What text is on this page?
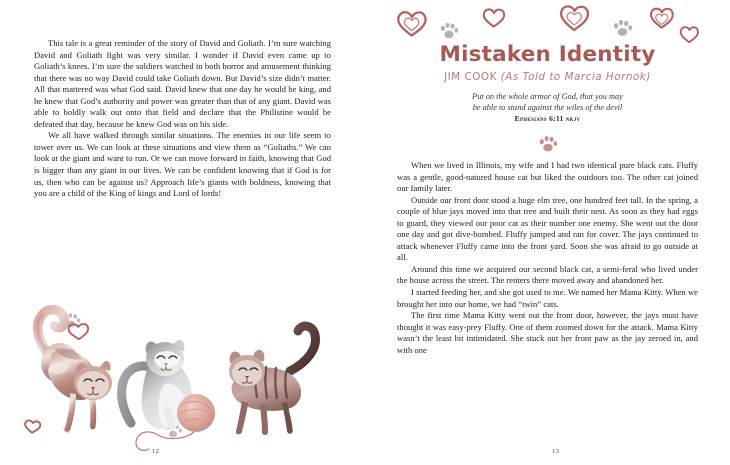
This tale is a great reminder of the story of David and Goliath. I’m sure watching David and Goliath fight was very similar. I wonder if David even came up to Goliath’s knees. I’m sure the soldiers watched in both horror and amusement thinking that there was no way David could take Goliath down. But David’s size didn’t matter. All that mattered was what God said. David knew that one day he would be king, and he knew that God’s authority and power was greater than that of any giant. David was able to boldly walk out onto that field and declare that the Philistine would be defeated that day, because he knew God was on his side.

We all have walked through similar situations. The enemies in our life seem to tower over us. We can look at these situations and view them as “Goliaths.” We can look at the giant and want to run. Or we can move forward in faith, knowing that God is bigger than any giant in our lives. We can be confident knowing that if God is for us, then who can be against us? Approach life’s giants with boldness, knowing that you are a child of the King of kings and Lord of lords!

12
Mistaken Identity
JIM COOK (As Told to Marcia Hornok)
Put on the whole armor of God, that you may
be able to stand against the wiles of the devil
Ephesians 6:11 nkjv

When we lived in Illinois, my wife and I had two identical pure black cats. Fluffy was a gentle, good-natured house cat but liked the outdoors too. The other cat joined our family later.

Outside our front door stood a huge elm tree, one hundred feet tall. In the spring, a couple of blue jays moved into that tree and built their nest. As soon as they had eggs to guard, they viewed our poor cat as their number one enemy. She went out the door one day and got dive-bombed. Fluffy jumped and ran for cover. The jays continued to attack whenever Fluffy came into the front yard. Soon she was afraid to go outside at all.

Around this time we acquired our second black cat, a semi-feral who lived under the house across the street. The renters there moved away and abandoned her.

I started feeding her, and she got used to me. We named her Mama Kitty. When we brought her into our home, we had “twin” cats.

The first time Mama Kitty went out the front door, however, the jays must have thought it was easy-prey Fluffy. One of them zoomed down for the attack. Mama Kitty wasn’t the least bit intimidated. She stuck out her front paw as the jay zeroed in, and with one

13
